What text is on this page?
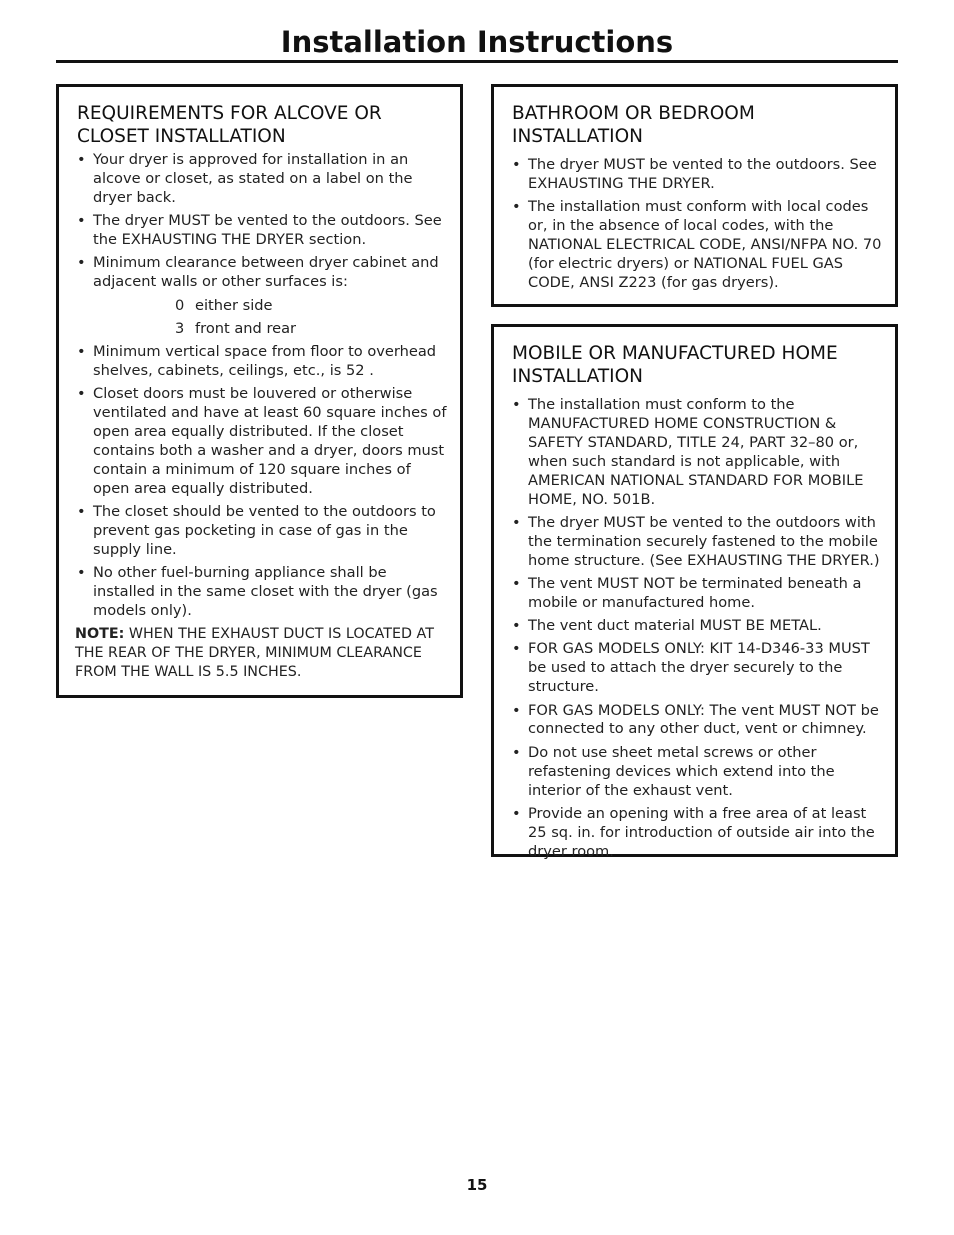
Installation Instructions
REQUIREMENTS FOR ALCOVE OR CLOSET INSTALLATION
• Your dryer is approved for installation in an alcove or closet, as stated on a label on the dryer back.
• The dryer MUST be vented to the outdoors. See the EXHAUSTING THE DRYER section.
• Minimum clearance between dryer cabinet and adjacent walls or other surfaces is:
0 either side
3 front and rear
• Minimum vertical space from floor to overhead shelves, cabinets, ceilings, etc., is 52 .
• Closet doors must be louvered or otherwise ventilated and have at least 60 square inches of open area equally distributed. If the closet contains both a washer and a dryer, doors must contain a minimum of 120 square inches of open area equally distributed.
• The closet should be vented to the outdoors to prevent gas pocketing in case of gas in the supply line.
• No other fuel-burning appliance shall be installed in the same closet with the dryer (gas models only).
NOTE: WHEN THE EXHAUST DUCT IS LOCATED AT THE REAR OF THE DRYER, MINIMUM CLEARANCE FROM THE WALL IS 5.5 INCHES.
BATHROOM OR BEDROOM INSTALLATION
• The dryer MUST be vented to the outdoors. See EXHAUSTING THE DRYER.
• The installation must conform with local codes or, in the absence of local codes, with the NATIONAL ELECTRICAL CODE, ANSI/NFPA NO. 70 (for electric dryers) or NATIONAL FUEL GAS CODE, ANSI Z223 (for gas dryers).
MOBILE OR MANUFACTURED HOME INSTALLATION
• The installation must conform to the MANUFACTURED HOME CONSTRUCTION & SAFETY STANDARD, TITLE 24, PART 32–80 or, when such standard is not applicable, with AMERICAN NATIONAL STANDARD FOR MOBILE HOME, NO. 501B.
• The dryer MUST be vented to the outdoors with the termination securely fastened to the mobile home structure. (See EXHAUSTING THE DRYER.)
• The vent MUST NOT be terminated beneath a mobile or manufactured home.
• The vent duct material MUST BE METAL.
• FOR GAS MODELS ONLY: KIT 14-D346-33 MUST be used to attach the dryer securely to the structure.
• FOR GAS MODELS ONLY: The vent MUST NOT be connected to any other duct, vent or chimney.
• Do not use sheet metal screws or other refastening devices which extend into the interior of the exhaust vent.
• Provide an opening with a free area of at least 25 sq. in. for introduction of outside air into the dryer room.
15
